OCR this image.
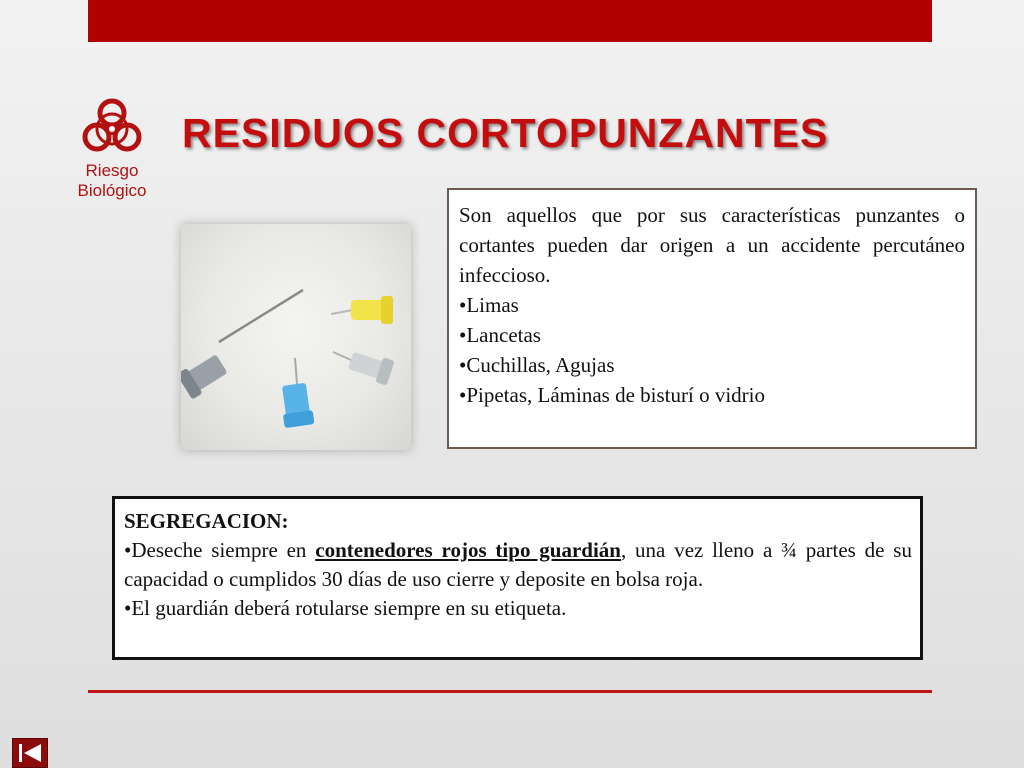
Riesgo
Biológico
RESIDUOS CORTOPUNZANTES

Son aquellos que por sus características punzantes o cortantes pueden dar origen a un accidente percutáneo infeccioso.

•Limas
•Lancetas
•Cuchillas, Agujas
•Pipetas, Láminas de bisturí o vidrio
SEGREGACION:

•Deseche siempre en contenedores rojos tipo guardián, una vez lleno a ¾ partes de su capacidad o cumplidos 30 días de uso cierre y deposite en bolsa roja.

•El guardián deberá rotularse siempre en su etiqueta.
